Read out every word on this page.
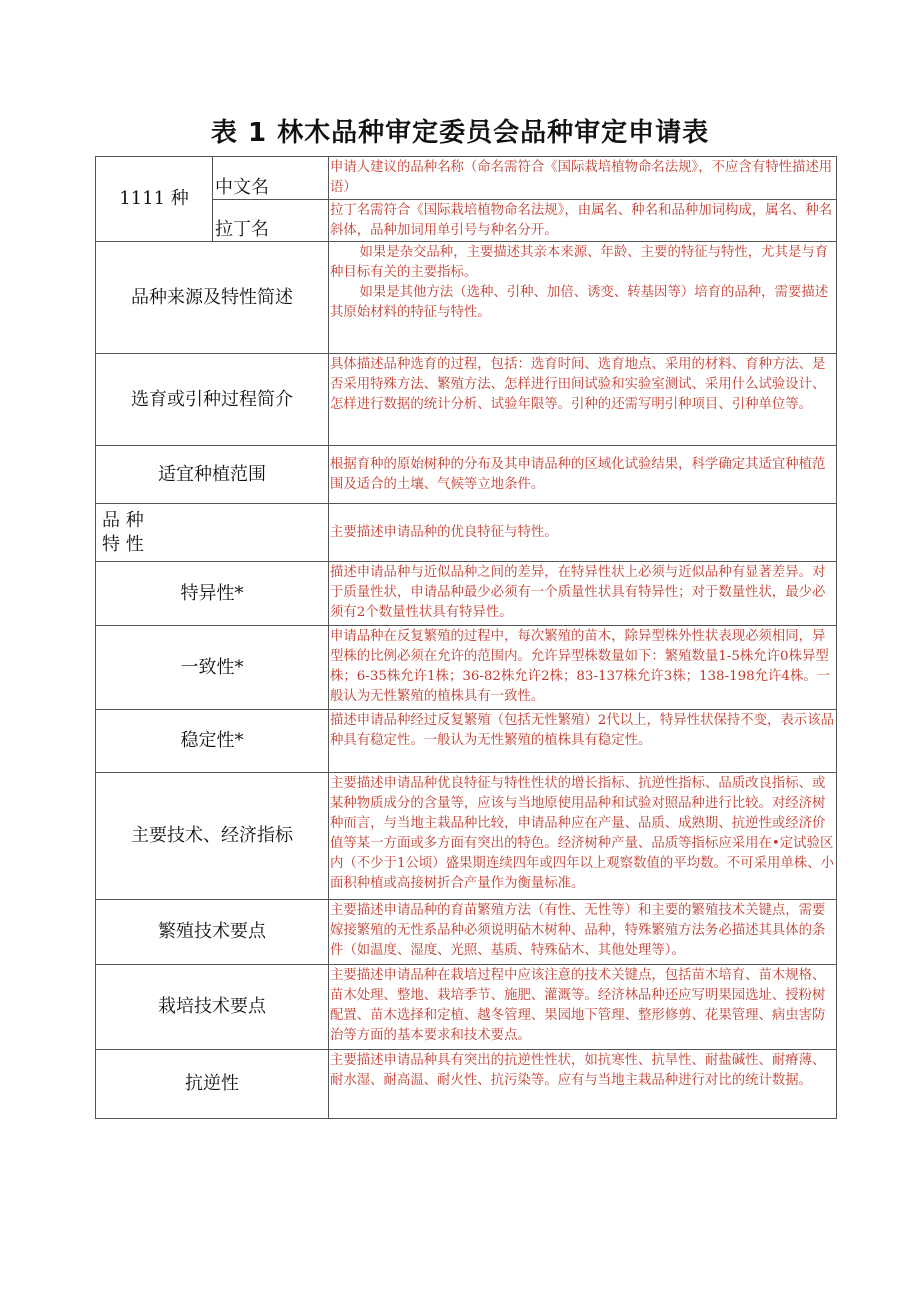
表 1 林木品种审定委员会品种审定申请表
1111 种	中文名	申请人建议的品种名称（命名需符合《国际栽培植物命名法规》，不应含有特性描述用语）
	拉丁名	拉丁名需符合《国际栽培植物命名法规》，由属名、种名和品种加词构成，属名、种名斜体，品种加词用单引号与种名分开。
品种来源及特性简述		如果是杂交品种，主要描述其亲本来源、年龄、主要的特征与特性，尤其是与育种目标有关的主要指标。
如果是其他方法（选种、引种、加倍、诱变、转基因等）培育的品种，需要描述其原始材料的特征与特性。

选育或引种过程简介		具体描述品种选育的过程，包括：选育时间、选育地点、采用的材料、育种方法、是否采用特殊方法、繁殖方法、怎样进行田间试验和实验室测试、采用什么试验设计、怎样进行数据的统计分析、试验年限等。引种的还需写明引种项目、引种单位等。
适宜种植范围		根据育种的原始树种的分布及其申请品种的区域化试验结果，科学确定其适宜种植范围及适合的土壤、气候等立地条件。

品 种
特 性		主要描述申请品种的优良特征与特性。
特异性*		描述申请品种与近似品种之间的差异，在特异性状上必须与近似品种有显著差异。对于质量性状，申请品种最少必须有一个质量性状具有特异性；对于数量性状，最少必须有2个数量性状具有特异性。
一致性*		申请品种在反复繁殖的过程中，每次繁殖的苗木，除异型株外性状表现必须相同，异型株的比例必须在允许的范围内。允许异型株数量如下：繁殖数量1-5株允许0株异型株；6-35株允许1株；36-82株允许2株；83-137株允许3株；138-198允许4株。一般认为无性繁殖的植株具有一致性。
稳定性*		描述申请品种经过反复繁殖（包括无性繁殖）2代以上，特异性状保持不变，表示该品种具有稳定性。一般认为无性繁殖的植株具有稳定性。
主要技术、经济指标		主要描述申请品种优良特征与特性性状的增长指标、抗逆性指标、品质改良指标、或某种物质成分的含量等，应该与当地原使用品种和试验对照品种进行比较。对经济树种而言，与当地主栽品种比较，申请品种应在产量、品质、成熟期、抗逆性或经济价值等某一方面或多方面有突出的特色。经济树种产量、品质等指标应采用在•定试验区内（不少于1公顷）盛果期连续四年或四年以上观察数值的平均数。不可采用单株、小面积种植或高接树折合产量作为衡量标准。
繁殖技术要点		主要描述申请品种的育苗繁殖方法（有性、无性等）和主要的繁殖技术关键点，需要嫁接繁殖的无性系品种必须说明砧木树种、品种，特殊繁殖方法务必描述其具体的条件（如温度、湿度、光照、基质、特殊砧木、其他处理等）。
栽培技术要点		主要描述申请品种在栽培过程中应该注意的技术关键点，包括苗木培育、苗木规格、苗木处理、整地、栽培季节、施肥、灌溉等。经济林品种还应写明果园选址、授粉树配置、苗木选择和定植、越冬管理、果园地下管理、整形修剪、花果管理、病虫害防治等方面的基本要求和技术要点。
抗逆性		主要描述申请品种具有突出的抗逆性性状，如抗寒性、抗旱性、耐盐碱性、耐瘠薄、耐水湿、耐高温、耐火性、抗污染等。应有与当地主栽品种进行对比的统计数据。
